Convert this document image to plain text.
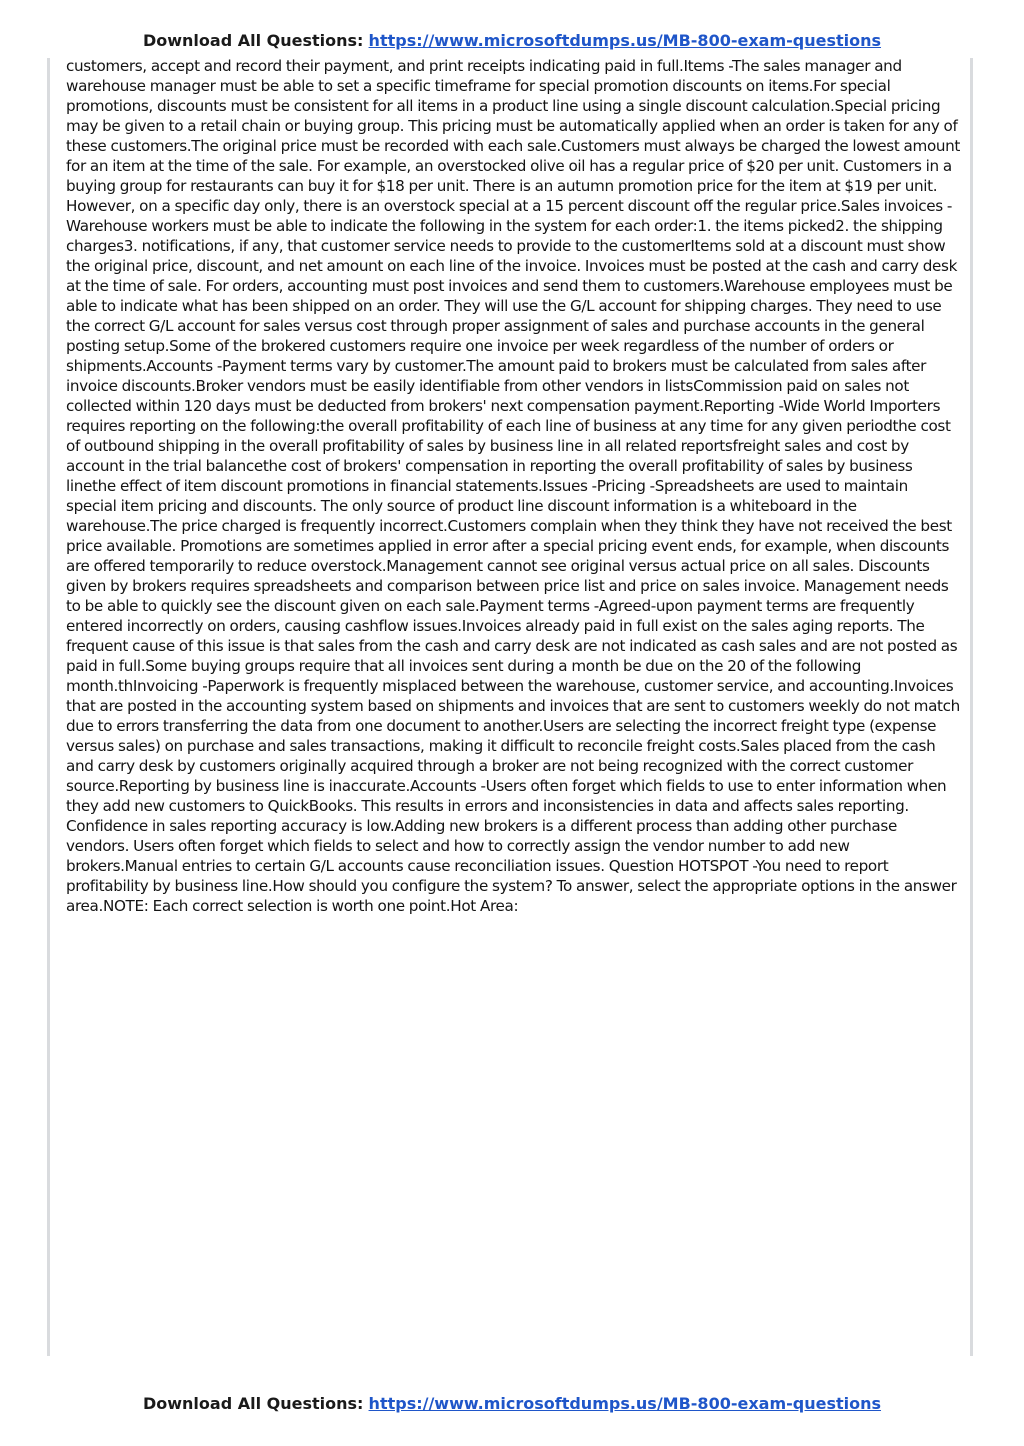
Download All Questions: https://www.microsoftdumps.us/MB-800-exam-questions

customers, accept and record their payment, and print receipts indicating paid in full.Items -The sales manager and warehouse manager must be able to set a specific timeframe for special promotion discounts on items.For special promotions, discounts must be consistent for all items in a product line using a single discount calculation.Special pricing may be given to a retail chain or buying group. This pricing must be automatically applied when an order is taken for any of these customers.The original price must be recorded with each sale.Customers must always be charged the lowest amount for an item at the time of the sale. For example, an overstocked olive oil has a regular price of $20 per unit. Customers in a buying group for restaurants can buy it for $18 per unit. There is an autumn promotion price for the item at $19 per unit.

However, on a specific day only, there is an overstock special at a 15 percent discount off the regular price.Sales invoices -Warehouse workers must be able to indicate the following in the system for each order:1. the items picked2. the shipping charges3. notifications, if any, that customer service needs to provide to the customerItems sold at a discount must show the original price, discount, and net amount on each line of the invoice. Invoices must be posted at the cash and carry desk at the time of sale. For orders, accounting must post invoices and send them to customers.Warehouse employees must be able to indicate what has been shipped on an order. They will use the G/L account for shipping charges. They need to use the correct G/L account for sales versus cost through proper assignment of sales and purchase accounts in the general posting setup.Some of the brokered customers require one invoice per week regardless of the number of orders or shipments.Accounts -Payment terms vary by customer.The amount paid to brokers must be calculated from sales after invoice discounts.Broker vendors must be easily identifiable from other vendors in listsCommission paid on sales not collected within 120 days must be deducted from brokers' next compensation payment.Reporting -Wide World Importers requires reporting on the following:the overall profitability of each line of business at any time for any given periodthe cost of outbound shipping in the overall profitability of sales by business line in all related reportsfreight sales and cost by account in the trial balancethe cost of brokers' compensation in reporting the overall profitability of sales by business linethe effect of item discount promotions in financial statements.Issues -Pricing -Spreadsheets are used to maintain special item pricing and discounts. The only source of product line discount information is a whiteboard in the warehouse.The price charged is frequently incorrect.Customers complain when they think they have not received the best price available. Promotions are sometimes applied in error after a special pricing event ends, for example, when discounts are offered temporarily to reduce overstock.Management cannot see original versus actual price on all sales. Discounts given by brokers requires spreadsheets and comparison between price list and price on sales invoice. Management needs to be able to quickly see the discount given on each sale.Payment terms -Agreed-upon payment terms are frequently entered incorrectly on orders, causing cashflow issues.Invoices already paid in full exist on the sales aging reports. The frequent cause of this issue is that sales from the cash and carry desk are not indicated as cash sales and are not posted as paid in full.Some buying groups require that all invoices sent during a month be due on the 20 of the following month.thInvoicing -Paperwork is frequently misplaced between the warehouse, customer service, and accounting.Invoices that are posted in the accounting system based on shipments and invoices that are sent to customers weekly do not match due to errors transferring the data from one document to another.Users are selecting the incorrect freight type (expense versus sales) on purchase and sales transactions, making it difficult to reconcile freight costs.Sales placed from the cash and carry desk by customers originally acquired through a broker are not being recognized with the correct customer source.Reporting by business line is inaccurate.Accounts -Users often forget which fields to use to enter information when they add new customers to QuickBooks. This results in errors and inconsistencies in data and affects sales reporting. Confidence in sales reporting accuracy is low.Adding new brokers is a different process than adding other purchase vendors. Users often forget which fields to select and how to correctly assign the vendor number to add new brokers.Manual entries to certain G/L accounts cause reconciliation issues. Question HOTSPOT -You need to report profitability by business line.How should you configure the system? To answer, select the appropriate options in the answer area.NOTE: Each correct selection is worth one point.Hot Area:

Download All Questions: https://www.microsoftdumps.us/MB-800-exam-questions
